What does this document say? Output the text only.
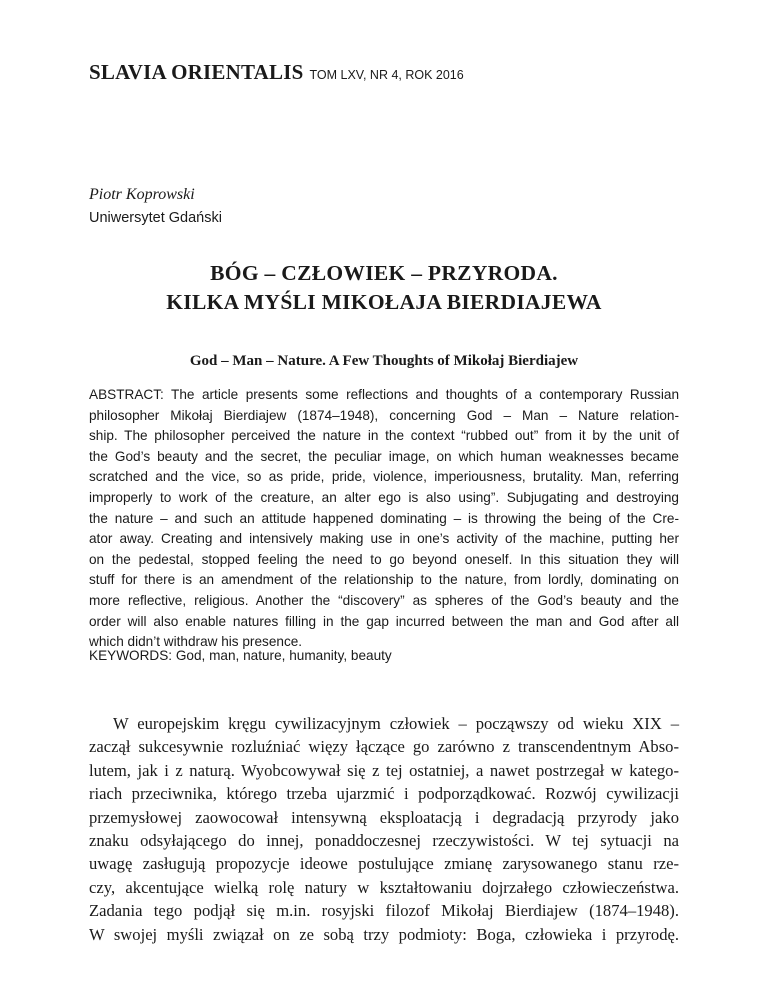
SLAVIA ORIENTALIS TOM LXV, NR 4, ROK 2016
Piotr Koprowski
Uniwersytet Gdański
BÓG – CZŁOWIEK – PRZYRODA.
KILKA MYŚLI MIKOŁAJA BIERDIAJEWA
God – Man – Nature. A Few Thoughts of Mikołaj Bierdiajew
ABSTRACT: The article presents some reflections and thoughts of a contemporary Russian
philosopher Mikołaj Bierdiajew (1874–1948), concerning God – Man – Nature relation-
ship. The philosopher perceived the nature in the context “rubbed out” from it by the unit of
the God’s beauty and the secret, the peculiar image, on which human weaknesses became
scratched and the vice, so as pride, pride, violence, imperiousness, brutality. Man, referring
improperly to work of the creature, an alter ego is also using”. Subjugating and destroying
the nature – and such an attitude happened dominating – is throwing the being of the Cre-
ator away. Creating and intensively making use in one’s activity of the machine, putting her
on the pedestal, stopped feeling the need to go beyond oneself. In this situation they will
stuff for there is an amendment of the relationship to the nature, from lordly, dominating on
more reflective, religious. Another the “discovery” as spheres of the God’s beauty and the
order will also enable natures filling in the gap incurred between the man and God after all
which didn’t withdraw his presence.
KEYWORDS: God, man, nature, humanity, beauty
W europejskim kręgu cywilizacyjnym człowiek – począwszy od wieku XIX –
zaczął sukcesywnie rozluźniać więzy łączące go zarówno z transcendentnym Abso-
lutem, jak i z naturą. Wyobcowywał się z tej ostatniej, a nawet postrzegał w katego-
riach przeciwnika, którego trzeba ujarzmić i podporządkować. Rozwój cywilizacji
przemysłowej zaowocował intensywną eksploatacją i degradacją przyrody jako
znaku odsyłającego do innej, ponaddoczesnej rzeczywistości. W tej sytuacji na
uwagę zasługują propozycje ideowe postulujące zmianę zarysowanego stanu rze-
czy, akcentujące wielką rolę natury w kształtowaniu dojrzałego człowieczeństwa.
Zadania tego podjął się m.in. rosyjski filozof Mikołaj Bierdiajew (1874–1948).
W swojej myśli związał on ze sobą trzy podmioty: Boga, człowieka i przyrodę.
